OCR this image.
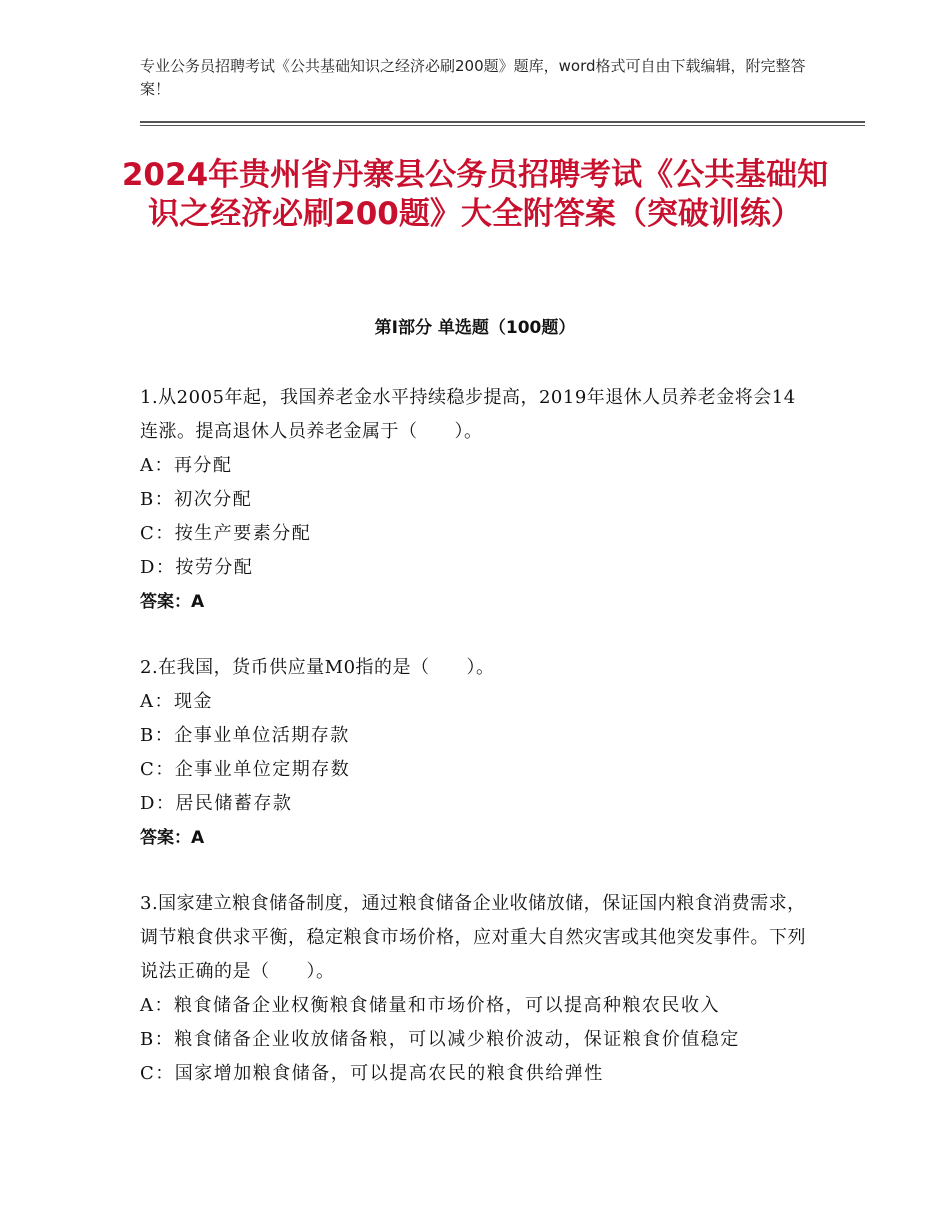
专业公务员招聘考试《公共基础知识之经济必刷200题》题库，word格式可自由下载编辑，附完整答案！
2024年贵州省丹寨县公务员招聘考试《公共基础知识之经济必刷200题》大全附答案（突破训练）
第Ⅰ部分 单选题（100题）

1.从2005年起，我国养老金水平持续稳步提高，2019年退休人员养老金将会14连涨。提高退休人员养老金属于（　　）。

A：再分配

B：初次分配

C：按生产要素分配

D：按劳分配

答案：A

2.在我国，货币供应量M0指的是（　　）。

A：现金

B：企事业单位活期存款

C：企事业单位定期存数

D：居民储蓄存款

答案：A

3.国家建立粮食储备制度，通过粮食储备企业收储放储，保证国内粮食消费需求，调节粮食供求平衡，稳定粮食市场价格，应对重大自然灾害或其他突发事件。下列说法正确的是（　　）。

A：粮食储备企业权衡粮食储量和市场价格，可以提高种粮农民收入

B：粮食储备企业收放储备粮，可以减少粮价波动，保证粮食价值稳定

C：国家增加粮食储备，可以提高农民的粮食供给弹性
